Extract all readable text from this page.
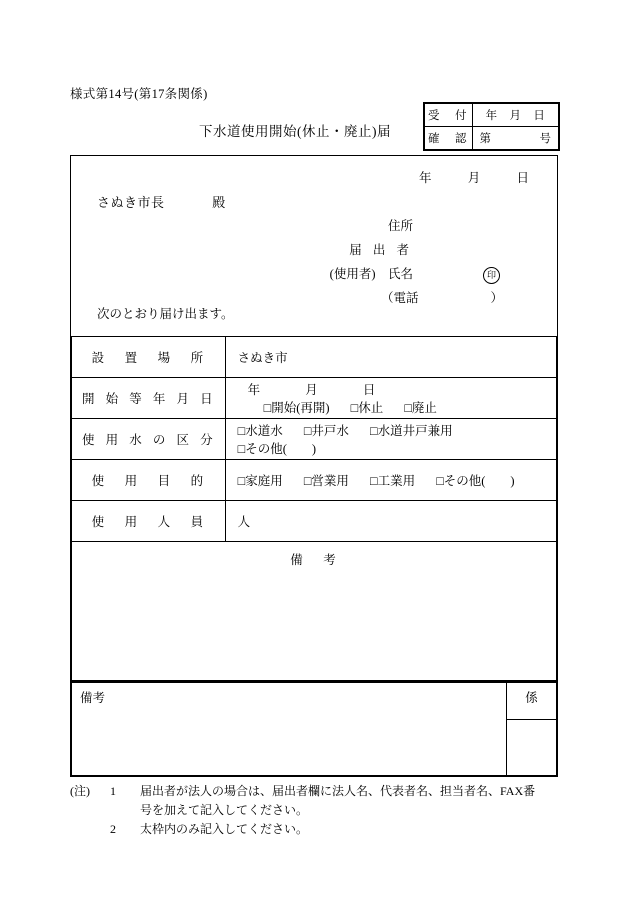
様式第14号(第17条関係)
下水道使用開始(休止・廃止)届
受　付	年 月 日

確　認	第 号
年	月	日
さぬき市長	殿
住所
届 出 者
(使用者)　氏名	印
（電話	）
次のとおり届け出ます。
設　置　場　所	さぬき市
開 始 等 年 月 日	年 月 日 □開始(再開) □休止 □廃止
使 用 水 の 区 分	□水道水 □井戸水 □水道井戸兼用 □その他(　　)
使　用　目　的	□家庭用 □営業用 □工業用 □その他(　　)
使　用　人　員	人
備　考	
備考	係

(注)	1	届出者が法人の場合は、届出者欄に法人名、代表者名、担当者名、FAX番
号を加えて記入してください。
2	太枠内のみ記入してください。
